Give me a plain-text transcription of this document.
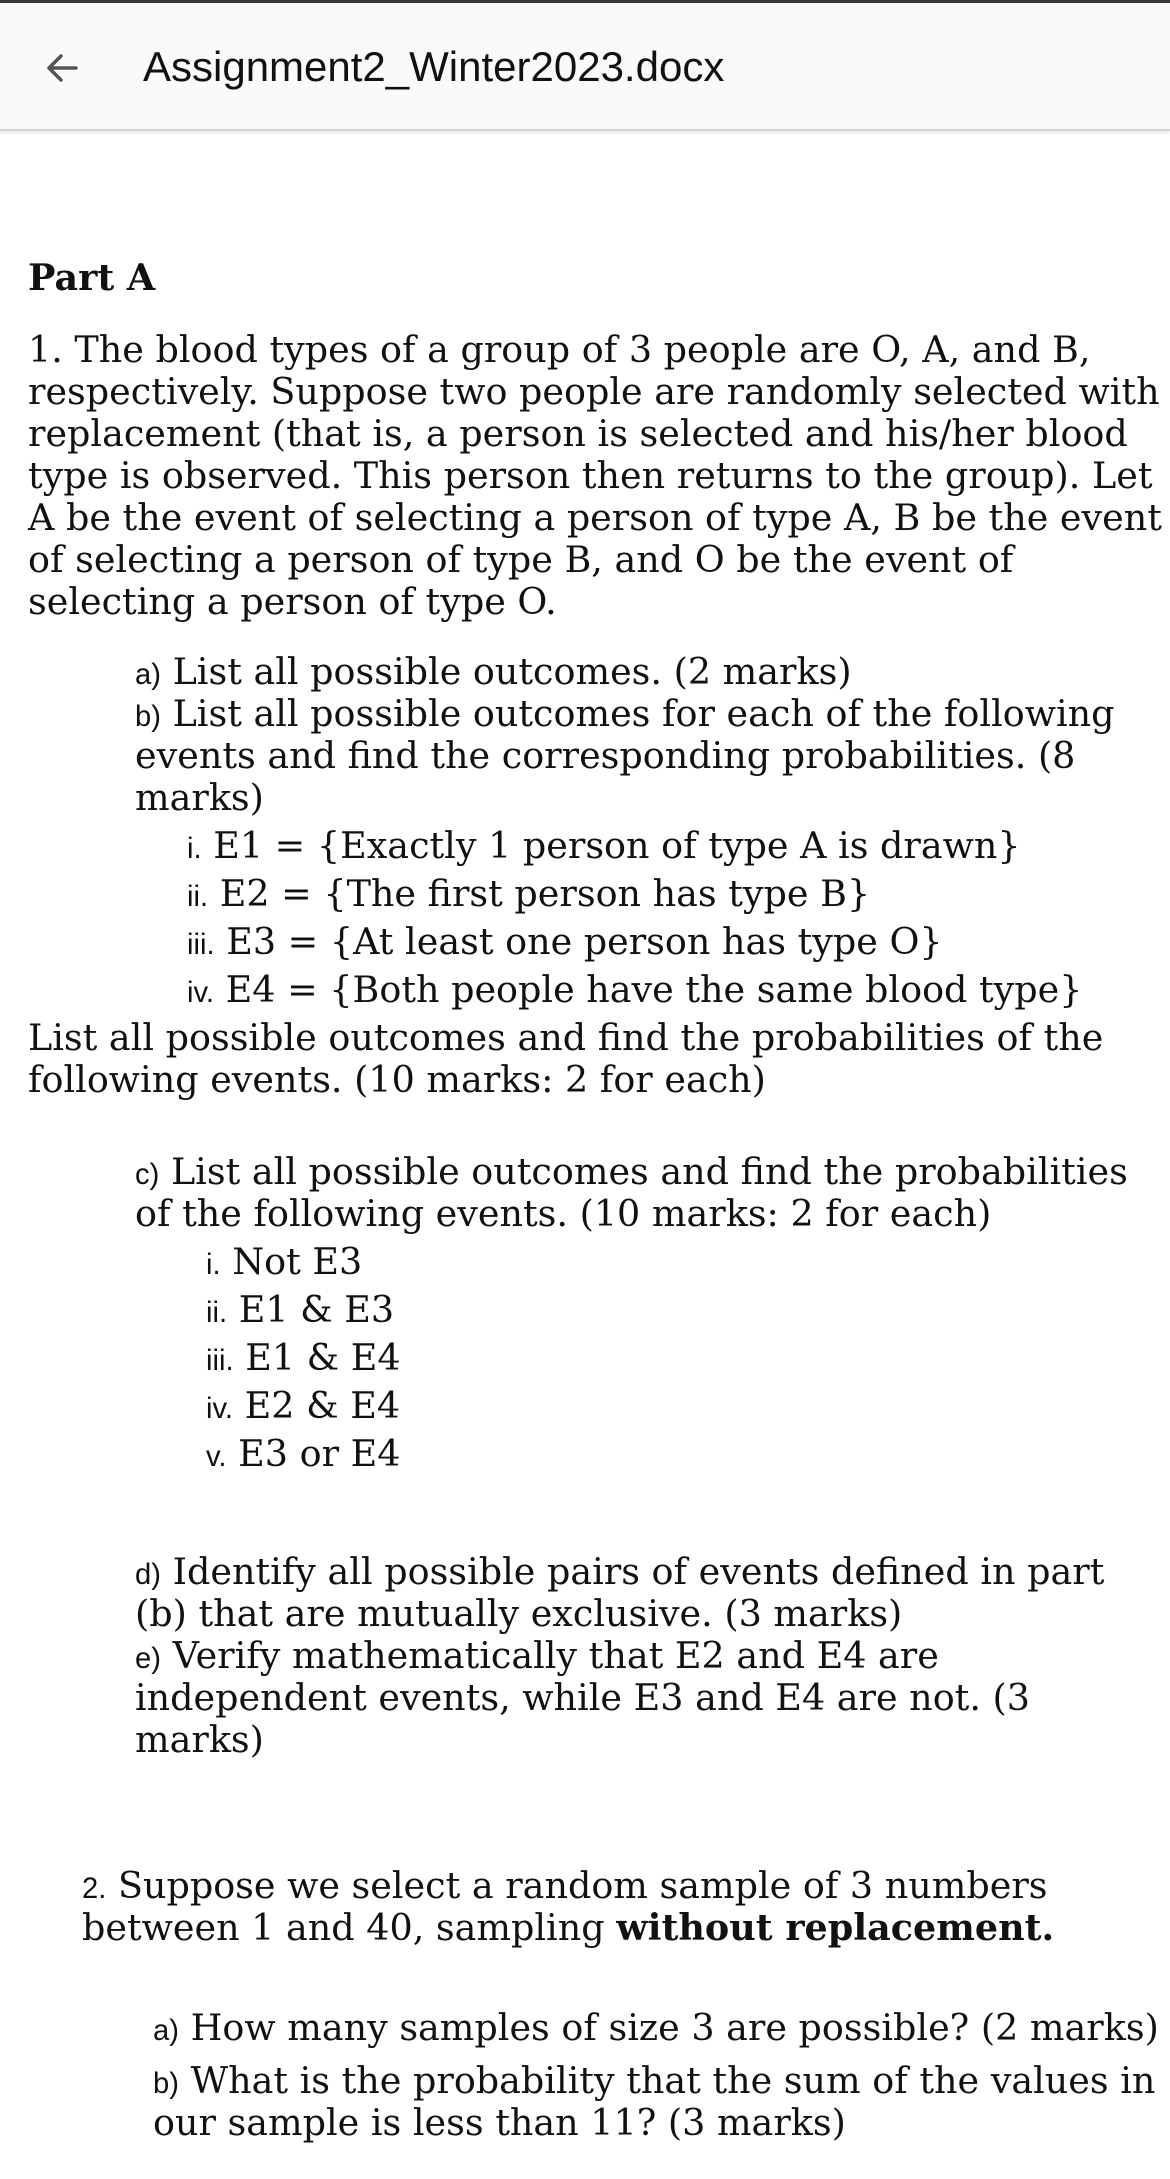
Assignment2_Winter2023.docx

Part A

1. The blood types of a group of 3 people are O, A, and B,

respectively. Suppose two people are randomly selected with

replacement (that is, a person is selected and his/her blood

type is observed. This person then returns to the group). Let

A be the event of selecting a person of type A, B be the event

of selecting a person of type B, and O be the event of

selecting a person of type O.

a) List all possible outcomes. (2 marks)

b) List all possible outcomes for each of the following

events and find the corresponding probabilities. (8

marks)

i. E1 = {Exactly 1 person of type A is drawn}

ii. E2 = {The first person has type B}

iii. E3 = {At least one person has type O}

iv. E4 = {Both people have the same blood type}

List all possible outcomes and find the probabilities of the

following events. (10 marks: 2 for each)

c) List all possible outcomes and find the probabilities

of the following events. (10 marks: 2 for each)

i. Not E3

ii. E1 & E3

iii. E1 & E4

iv. E2 & E4

v. E3 or E4

d) Identify all possible pairs of events defined in part

(b) that are mutually exclusive. (3 marks)

e) Verify mathematically that E2 and E4 are

independent events, while E3 and E4 are not. (3

marks)

2. Suppose we select a random sample of 3 numbers

between 1 and 40, sampling without replacement.

a) How many samples of size 3 are possible? (2 marks)

b) What is the probability that the sum of the values in

our sample is less than 11? (3 marks)
